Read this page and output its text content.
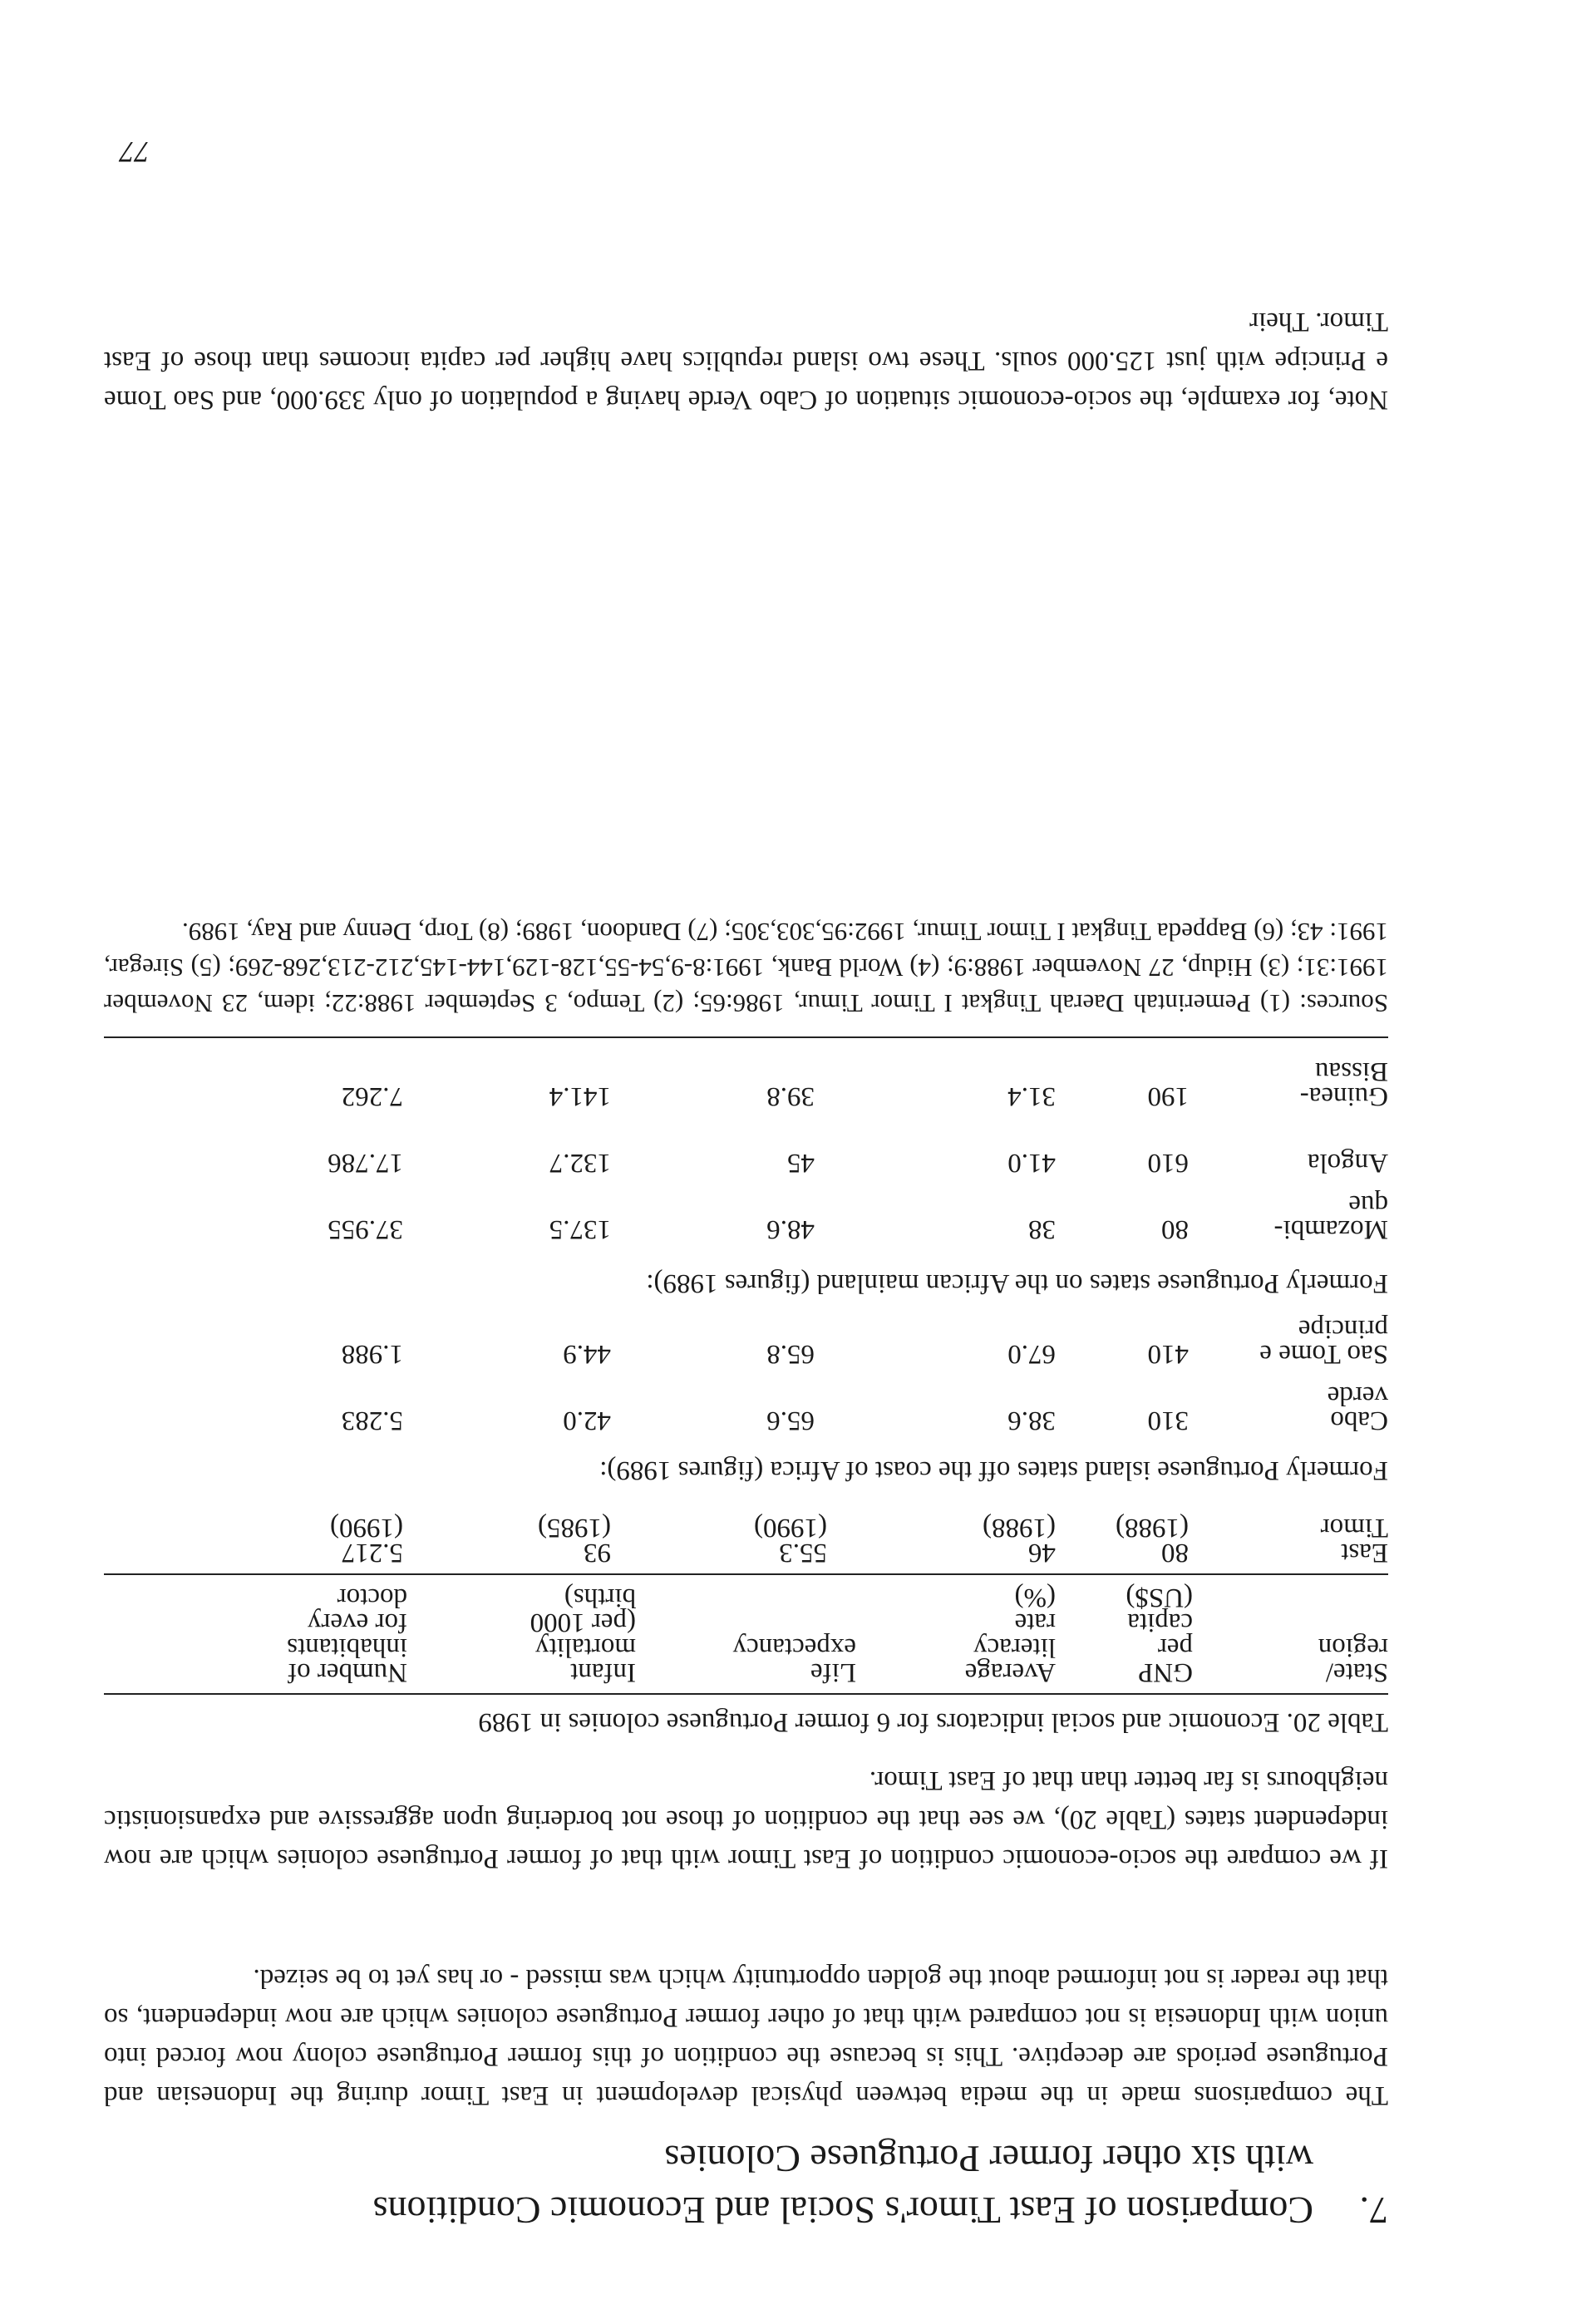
7.
Comparison of East Timor's Social and Economic Conditions
with six other former Portuguese Colonies
The comparisons made in the media between physical development in East Timor during the Indonesian and Portuguese periods are deceptive. This is because the condition of this former Portuguese colony now forced into union with Indonesia is not compared with that of other former Portuguese colonies which are now independent, so that the reader is not informed about the golden opportunity which was missed - or has yet to be seized.
If we compare the socio-economic condition of East Timor with that of former Portuguese colonies which are now independent states (Table 20), we see that the condition of those not bordering upon aggressive and expansionistic neighbours is far better than that of East Timor.
Table 20. Economic and social indicators for 6 former Portuguese colonies in 1989
State/
region
GNP
per
capita
(US$)
Average
literacy
rate
(%)
Life
expectancy
Infant
mortality
(per 1000
births)
Number of
inhabitants
for every
doctor
East
Timor
80
(1988)
46
(1988)
55.3
(1990)
93
(1985)
5.217
(1990)
Formerly Portuguese island states off the coast of Africa (figures 1989):
Cabo
verde
310
38.6
65.6
42.0
5.283
Sao Tome e
principe
410
67.0
65.8
44.9
1.988
Formerly Portuguese states on the African mainland (figures 1989):
77
Mozambi-
que
80
38
48.6
137.5
37.955
Angola
610
41.0
45
132.7
17.786
Guinea-
Bissau
190
31.4
39.8
141.4
7.262
Sources: (1) Pemerintah Daerah Tingkat I Timor Timur, 1986:65; (2) Tempo, 3 September 1988:22; idem, 23 November 1991:31; (3) Hidup, 27 November 1988:9; (4) World Bank, 1991:8-9,54-55,128-129,144-145,212-213,268-269; (5) Siregar, 1991: 43; (6) Bappeda Tingkat I Timor Timur, 1992:95,303,305; (7) Dandoon, 1989; (8) Torp, Denny and Ray, 1989.
Note, for example, the socio-economic situation of Cabo Verde having a population of only 339.000, and Sao Tome e Principe with just 125.000 souls. These two island republics have higher per capita incomes than those of East Timor. Their
